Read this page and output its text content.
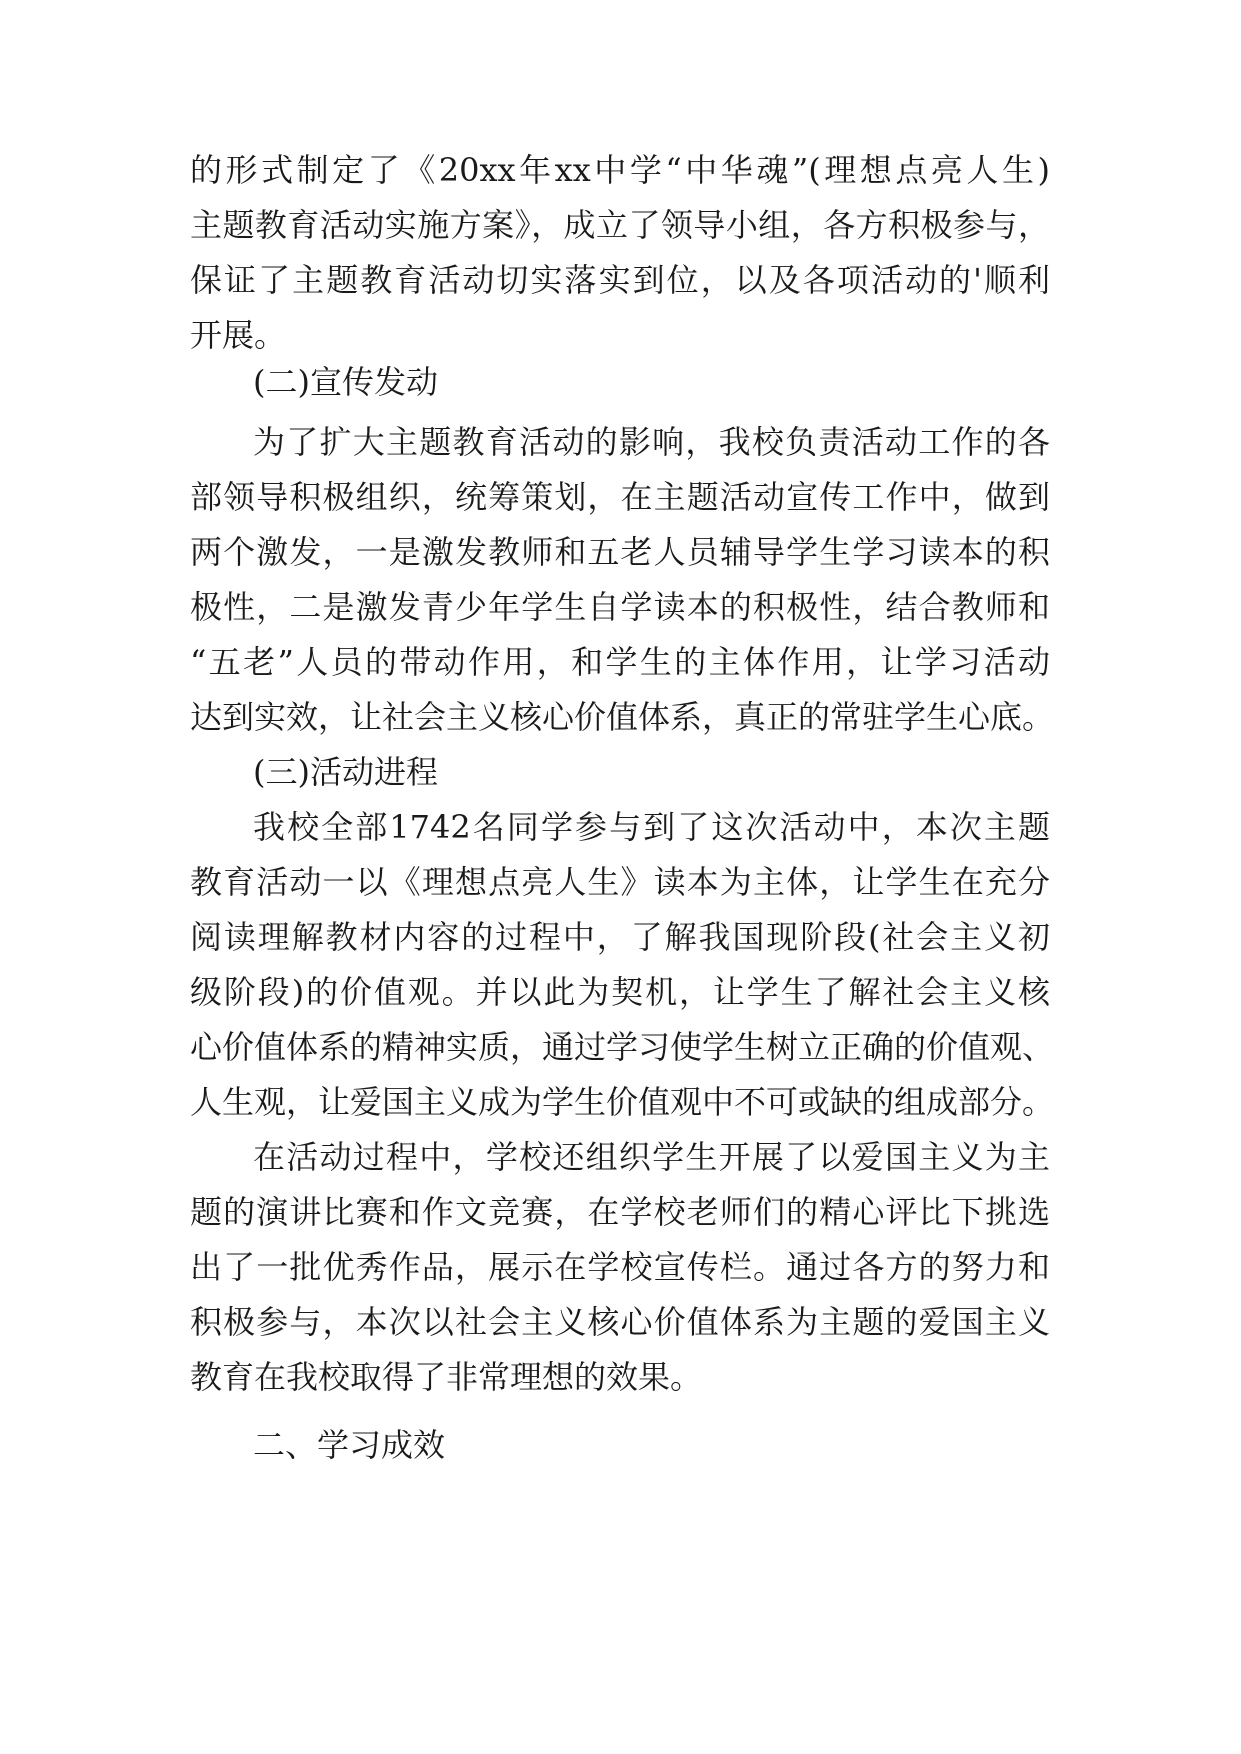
的形式制定了《20xx年xx中学“中华魂”(理想点亮人生)
主题教育活动实施方案》，成立了领导小组，各方积极参与，
保证了主题教育活动切实落实到位，以及各项活动的'顺利
开展。
(二)宣传发动
为了扩大主题教育活动的影响，我校负责活动工作的各
部领导积极组织，统筹策划，在主题活动宣传工作中，做到
两个激发，一是激发教师和五老人员辅导学生学习读本的积
极性，二是激发青少年学生自学读本的积极性，结合教师和
“五老”人员的带动作用，和学生的主体作用，让学习活动
达到实效，让社会主义核心价值体系，真正的常驻学生心底。
(三)活动进程
我校全部1742名同学参与到了这次活动中，本次主题
教育活动一以《理想点亮人生》读本为主体，让学生在充分
阅读理解教材内容的过程中，了解我国现阶段(社会主义初
级阶段)的价值观。并以此为契机，让学生了解社会主义核
心价值体系的精神实质，通过学习使学生树立正确的价值观、
人生观，让爱国主义成为学生价值观中不可或缺的组成部分。
在活动过程中，学校还组织学生开展了以爱国主义为主
题的演讲比赛和作文竞赛，在学校老师们的精心评比下挑选
出了一批优秀作品，展示在学校宣传栏。通过各方的努力和
积极参与，本次以社会主义核心价值体系为主题的爱国主义
教育在我校取得了非常理想的效果。
二、学习成效
